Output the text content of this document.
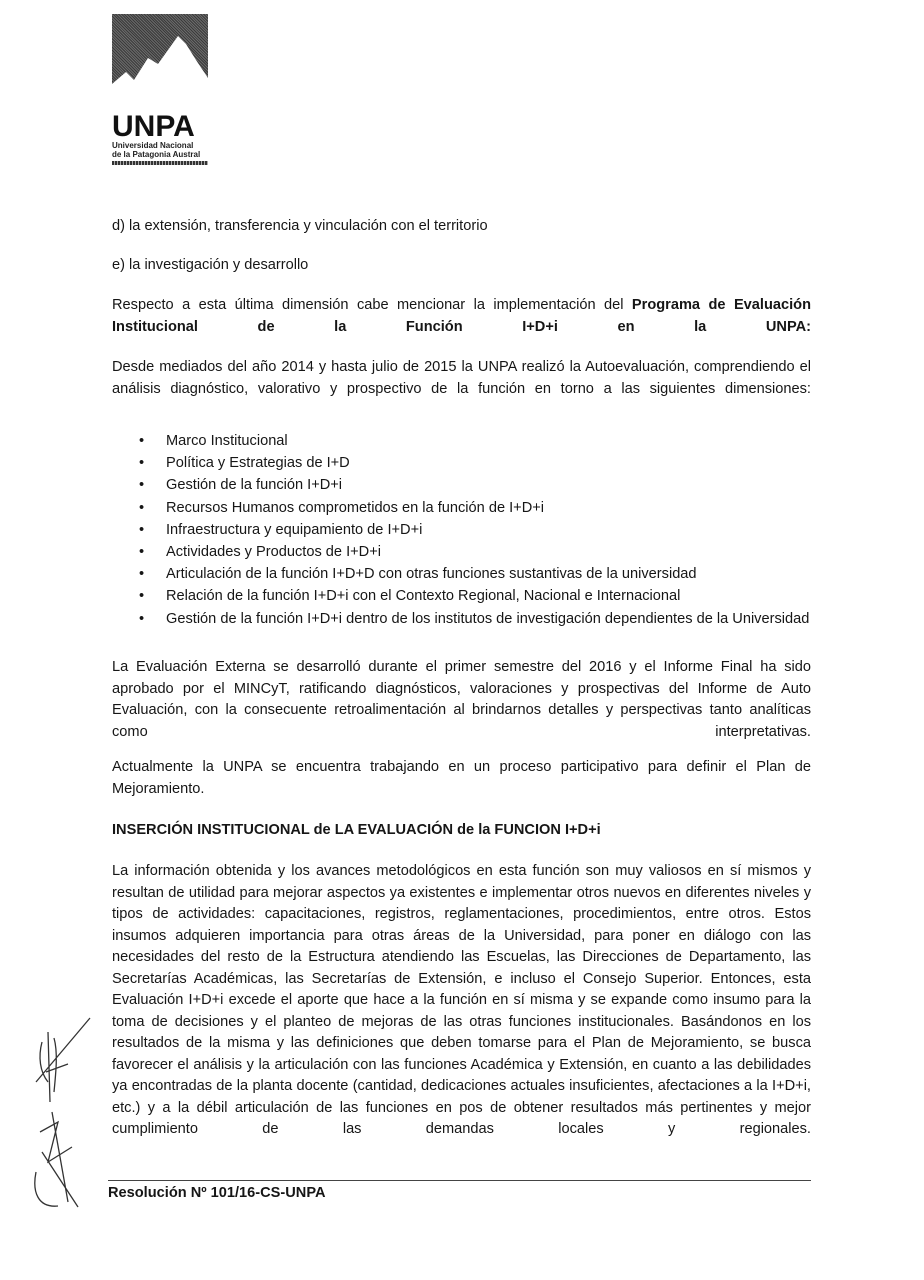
UNPA
Universidad Nacional
de la Patagonia Austral
d) la extensión, transferencia y vinculación con el territorio
e) la investigación y desarrollo
Respecto a esta última dimensión cabe mencionar la implementación del Programa de Evaluación Institucional de la Función I+D+i en la UNPA:
Desde mediados del año 2014 y hasta julio de 2015 la UNPA realizó la Autoevaluación, comprendiendo el análisis diagnóstico, valorativo y prospectivo de la función en torno a las siguientes dimensiones:
• Marco Institucional
• Política y Estrategias de I+D
• Gestión de la función I+D+i
• Recursos Humanos comprometidos en la función de I+D+i
• Infraestructura y equipamiento de I+D+i
• Actividades y Productos de I+D+i
• Articulación de la función I+D+D con otras funciones sustantivas de la universidad
• Relación de la función I+D+i con el Contexto Regional, Nacional e Internacional
• Gestión de la función I+D+i dentro de los institutos de investigación dependientes de la Universidad
La Evaluación Externa se desarrolló durante el primer semestre del 2016 y el Informe Final ha sido aprobado por el MINCyT, ratificando diagnósticos, valoraciones y prospectivas del Informe de Auto Evaluación, con la consecuente retroalimentación al brindarnos detalles y perspectivas tanto analíticas como interpretativas.
Actualmente la UNPA se encuentra trabajando en un proceso participativo para definir el Plan de Mejoramiento.
INSERCIÓN INSTITUCIONAL de LA EVALUACIÓN de la FUNCION I+D+i
La información obtenida y los avances metodológicos en esta función son muy valiosos en sí mismos y resultan de utilidad para mejorar aspectos ya existentes e implementar otros nuevos en diferentes niveles y tipos de actividades: capacitaciones, registros, reglamentaciones, procedimientos, entre otros. Estos insumos adquieren importancia para otras áreas de la Universidad, para poner en diálogo con las necesidades del resto de la Estructura atendiendo las Escuelas, las Direcciones de Departamento, las Secretarías Académicas, las Secretarías de Extensión, e incluso el Consejo Superior. Entonces, esta Evaluación I+D+i excede el aporte que hace a la función en sí misma y se expande como insumo para la toma de decisiones y el planteo de mejoras de las otras funciones institucionales. Basándonos en los resultados de la misma y las definiciones que deben tomarse para el Plan de Mejoramiento, se busca favorecer el análisis y la articulación con las funciones Académica y Extensión, en cuanto a las debilidades ya encontradas de la planta docente (cantidad, dedicaciones actuales insuficientes, afectaciones a la I+D+i, etc.) y a la débil articulación de las funciones en pos de obtener resultados más pertinentes y mejor cumplimiento de las demandas locales y regionales.
Resolución Nº 101/16-CS-UNPA
